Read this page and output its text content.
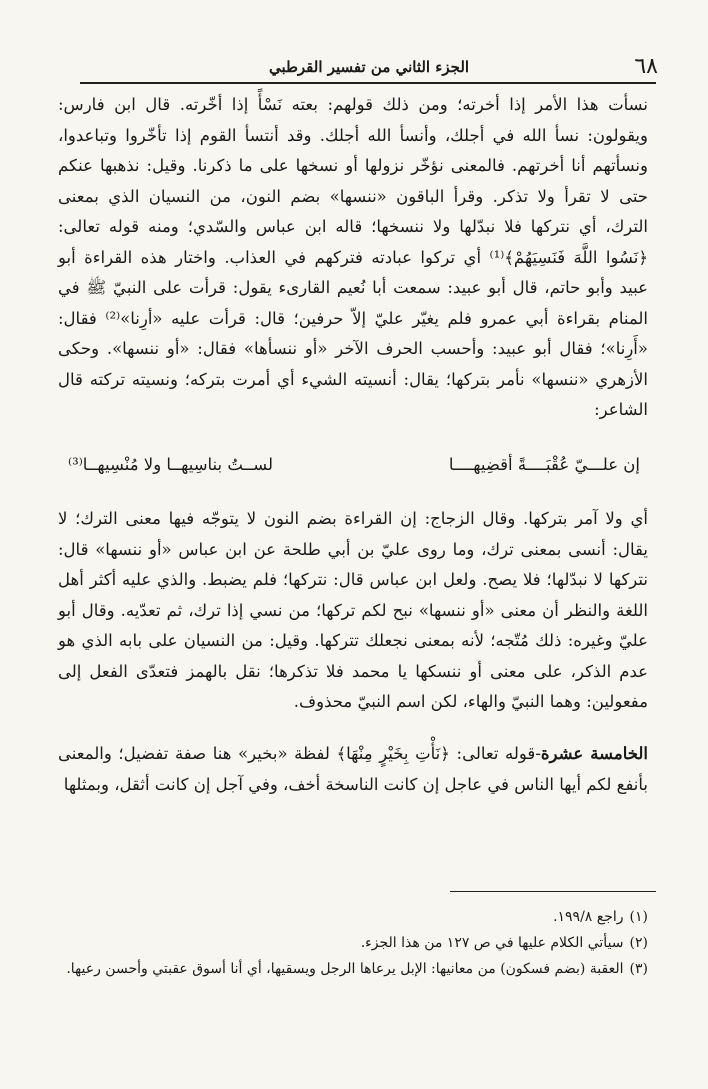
٦٨
الجزء الثاني من تفسير القرطبي

نسأت هذا الأمر إذا أخرته؛ ومن ذلك قولهم: بعته نَسْأً إذا أخّرته. قال ابن فارس: ويقولون: نسأ الله في أجلك، وأنسأ الله أجلك. وقد أنتسأ القوم إذا تأخّروا وتباعدوا، ونسأتهم أنا أخرتهم. فالمعنى نؤخّر نزولها أو نسخها على ما ذكرنا. وقيل: نذهبها عنكم حتى لا تقرأ ولا تذكر. وقرأ الباقون «ننسها» بضم النون، من النسيان الذي بمعنى الترك، أي نتركها فلا نبدّلها ولا ننسخها؛ قاله ابن عباس والسّدي؛ ومنه قوله تعالى: ﴿نَسُوا اللَّهَ فَنَسِيَهُمْ﴾⁽¹⁾ أي تركوا عبادته فتركهم في العذاب. واختار هذه القراءة أبو عبيد وأبو حاتم، قال أبو عبيد: سمعت أبا نُعيم القارىء يقول: قرأت على النبيّ ﷺ في المنام بقراءة أبي عمرو فلم يغيّر عليّ إلاّ حرفين؛ قال: قرأت عليه «أرِنا»⁽²⁾ فقال: «أَرِنا»؛ فقال أبو عبيد: وأحسب الحرف الآخر «أو ننسأها» فقال: «أو ننسها». وحكى الأزهري «ننسها» نأمر بتركها؛ يقال: أنسيته الشيء أي أمرت بتركه؛ ونسيته تركته قال الشاعر:

إن علـــيّ عُقْبَــــةً أقضِيهــــا
لســتُ بناسِيهــا ولا مُنْسِيهــا⁽³⁾

أي ولا آمر بتركها. وقال الزجاج: إن القراءة بضم النون لا يتوجّه فيها معنى الترك؛ لا يقال: أنسى بمعنى ترك، وما روى عليّ بن أبي طلحة عن ابن عباس «أو ننسها» قال: نتركها لا نبدّلها؛ فلا يصح. ولعل ابن عباس قال: نتركها؛ فلم يضبط. والذي عليه أكثر أهل اللغة والنظر أن معنى «أو ننسها» نبح لكم تركها؛ من نسي إذا ترك، ثم تعدّيه. وقال أبو عليّ وغيره: ذلك مُتّجه؛ لأنه بمعنى نجعلك تتركها. وقيل: من النسيان على بابه الذي هو عدم الذكر، على معنى أو ننسكها يا محمد فلا تذكرها؛ نقل بالهمز فتعدّى الفعل إلى مفعولين: وهما النبيّ والهاء، لكن اسم النبيّ محذوف.

الخامسة عشرة-قوله تعالى: ﴿نَأْتِ بِخَيْرٍ مِنْهَا﴾ لفظة «بخير» هنا صفة تفضيل؛ والمعنى بأنفع لكم أيها الناس في عاجل إن كانت الناسخة أخف، وفي آجل إن كانت أثقل، وبمثلها

(١)راجع ١٩٩/٨.

(٢)سيأتي الكلام عليها في ص ١٢٧ من هذا الجزء.

(٣)العقبة (بضم فسكون) من معانيها: الإبل يرعاها الرجل ويسقيها، أي أنا أسوق عقبتي وأحسن رعيها.
